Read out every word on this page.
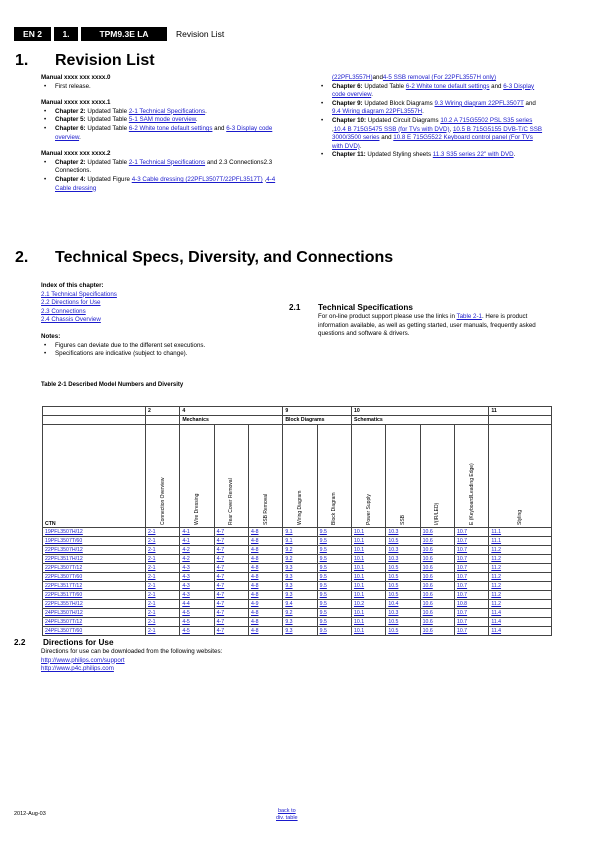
EN 2	1.	TPM9.3E LA	Revision List
1. Revision List
Manual xxxx xxx xxxx.0
• First release.
Manual xxxx xxx xxxx.1
• Chapter 2: Updated Table 2-1 Technical Specifications.
• Chapter 5: Updated Table 5-1 SAM mode overview.
• Chapter 6: Updated Table 6-2 White tone default settings and 6-3 Display code overview.
Manual xxxx xxx xxxx.2
• Chapter 2: Updated Table 2-1 Technical Specifications and 2.3 Connections2.3 Connections.
• Chapter 4: Updated Figure 4-3 Cable dressing (22PFL3507T/22PFL3517T) ,4-4 Cable dressing
(22PFL3557H)and4-5 SSB removal (For 22PFL3557H only)
• Chapter 6: Updated Table 6-2 White tone default settings and 6-3 Display code overview.
• Chapter 9: Updated Block Diagrams 9.3 Wiring diagram 22PFL3507T and 9.4 Wiring diagram 22PFL3557H.
• Chapter 10: Updated Circuit Diagrams 10.2 A 715G5502 PSL S35 series ,10.4 B 715G5475 SSB (for TVs with DVD), 10.5 B 715G5155 DVB-T/C SSB 3000/3500 series and 10.8 E 715G5522 Keyboard control panel (For TVs with DVD).
• Chapter 11: Updated Styling sheets 11.3 S35 series 22" with DVD.
2. Technical Specs, Diversity, and Connections
Index of this chapter:
2.1 Technical Specifications
2.2 Directions for Use
2.3 Connections
2.4 Chassis Overview
Notes:
• Figures can deviate due to the different set executions.
• Specifications are indicative (subject to change).
2.1 Technical Specifications
For on-line product support please use the links in Table 2-1. Here is product information available, as well as getting started, user manuals, frequently asked questions and software & drivers.
Table 2-1 Described Model Numbers and Diversity
	2	4			9		10				11
		Mechanics			Block Diagrams		Schematics				
CTN	Connection Overview	Wire Dressing	Rear Cover Removal	SSB Removal	Wiring Diagram	Block Diagram	Power Supply	SSB	I/(IR/LED)	E (Keyboard/Leading Edge)	Styling

19PFL3507H/12	2-1	4-1	4-7	4-8	9.1	9.5	10.1	10.3	10.6	10.7	11.1
19PFL3507T/60	2-1	4-1	4-7	4-8	9.1	9.5	10.1	10.5	10.6	10.7	11.1
22PFL3507H/12	2-1	4-2	4-7	4-8	9.2	9.5	10.1	10.3	10.6	10.7	11.2
22PFL3517H/12	2-1	4-2	4-7	4-8	9.2	9.5	10.1	10.3	10.6	10.7	11.2
22PFL3507T/12	2-1	4-3	4-7	4-8	9.3	9.5	10.1	10.5	10.6	10.7	11.2
22PFL3507T/60	2-1	4-3	4-7	4-8	9.3	9.5	10.1	10.5	10.6	10.7	11.2
22PFL3517T/12	2-1	4-3	4-7	4-8	9.3	9.5	10.1	10.5	10.6	10.7	11.2
22PFL3517T/60	2-1	4-3	4-7	4-8	9.3	9.5	10.1	10.5	10.6	10.7	11.2
22PFL3557H/12	2-1	4-4	4-7	4-9	9.4	9.5	10.2	10.4	10.6	10.8	11.2
24PFL3507H/12	2-1	4-5	4-7	4-8	9.2	9.5	10.1	10.3	10.6	10.7	11.4
24PFL3507T/12	2-1	4-5	4-7	4-8	9.3	9.5	10.1	10.5	10.6	10.7	11.4
24PFL3507T/60	2-1	4-5	4-7	4-8	9.3	9.5	10.1	10.5	10.6	10.7	11.4
2.2 Directions for Use
Directions for use can be downloaded from the following websites:
http://www.philips.com/support
http://www.p4c.philips.com
2012-Aug-03	back to
div. table
